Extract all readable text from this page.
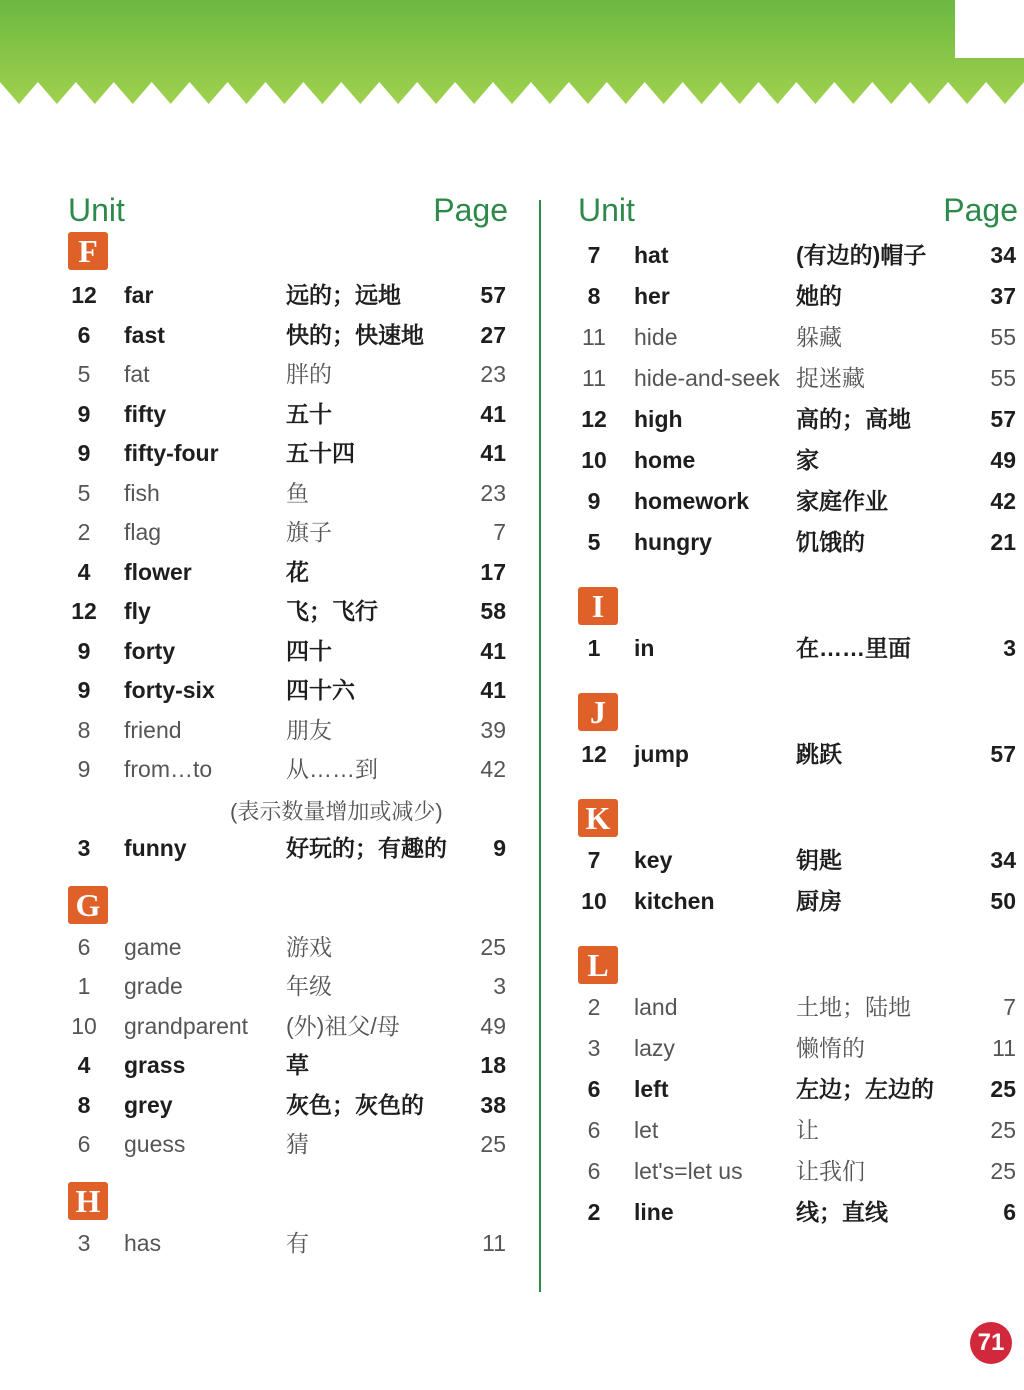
Unit	Page
F
12	far	远的；远地	57
6	fast	快的；快速地 27
5	fat	胖的	23
9	fifty	五十	41
9	fifty-four	五十四	41
5	fish	鱼	23
2	flag	旗子	7
4	flower	花	17
12	fly	飞；飞行	58
9	forty	四十	41
9	forty-six	四十六	41
8	friend	朋友	39
9	from…to	从……到	42
(表示数量增加或减少)
3	funny	好玩的；有趣的 9
G
6	game	游戏	25
1	grade	年级	3
10	grandparent (外)祖父/母	49
4	grass	草	18
8	grey	灰色；灰色的 38
6	guess	猜	25
H
3	has	有	11
Unit	Page
7	hat	(有边的)帽子	34
8	her	她的	37
11	hide	躲藏	55
11	hide-and-seek 捉迷藏	55
12	high	高的；高地	57
10	home	家	49
9	homework 家庭作业	42
5	hungry	饥饿的	21
I
1	in	在……里面	3
J
12	jump	跳跃	57
K
7	key	钥匙	34
10	kitchen	厨房	50
L
2	land	土地；陆地	7
3	lazy	懒惰的	11
6	left	左边；左边的 25
6	let	让	25
6	let's=let us 让我们	25
2	line	线；直线	6
71
